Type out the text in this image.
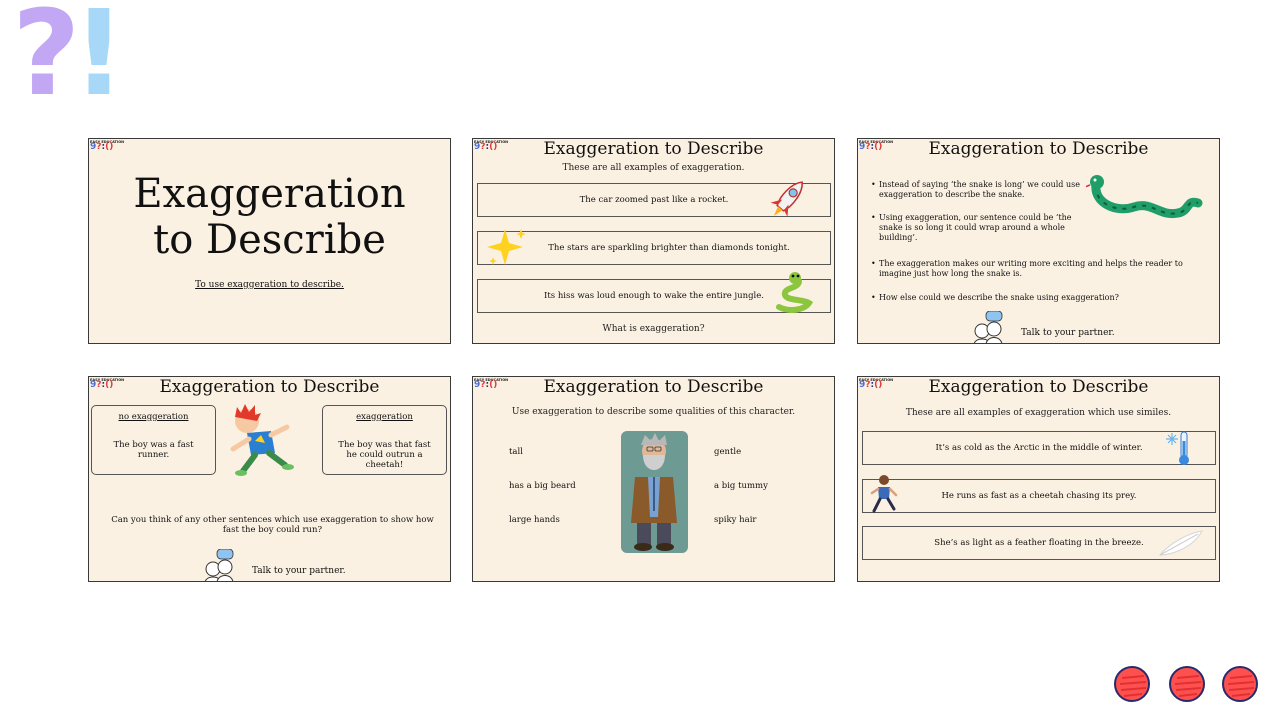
?
!
EASY EDUCATION
9?:()
Exaggeration to Describe
To use exaggeration to describe.
·
EASY EDUCATION
9?:()	Exaggeration to Describe
These are all examples of exaggeration.
The car zoomed past like a rocket.
The stars are sparkling brighter than diamonds tonight.
Its hiss was loud enough to wake the entire jungle.
What is exaggeration?
·
EASY EDUCATION
9?:()	Exaggeration to Describe
• Instead of saying ‘the snake is long’ we could use exaggeration to describe the snake.
• Using exaggeration, our sentence could be ‘the snake is so long it could wrap around a whole building’.
• The exaggeration makes our writing more exciting and helps the reader to imagine just how long the snake is.
• How else could we describe the snake using exaggeration?
Talk to your partner.
·
EASY EDUCATION
9?:()	Exaggeration to Describe
no exaggeration
The boy was a fast runner.
exaggeration
The boy was that fast he could outrun a cheetah!
Can you think of any other sentences which use exaggeration to show how fast the boy could run?
Talk to your partner.
·
EASY EDUCATION
9?:()	Exaggeration to Describe
Use exaggeration to describe some qualities of this character.
tall
has a big beard
large hands
gentle
a big tummy
spiky hair
·
EASY EDUCATION
9?:()	Exaggeration to Describe
These are all examples of exaggeration which use similes.
It’s as cold as the Arctic in the middle of winter.
He runs as fast as a cheetah chasing its prey.
She’s as light as a feather floating in the breeze.
·
